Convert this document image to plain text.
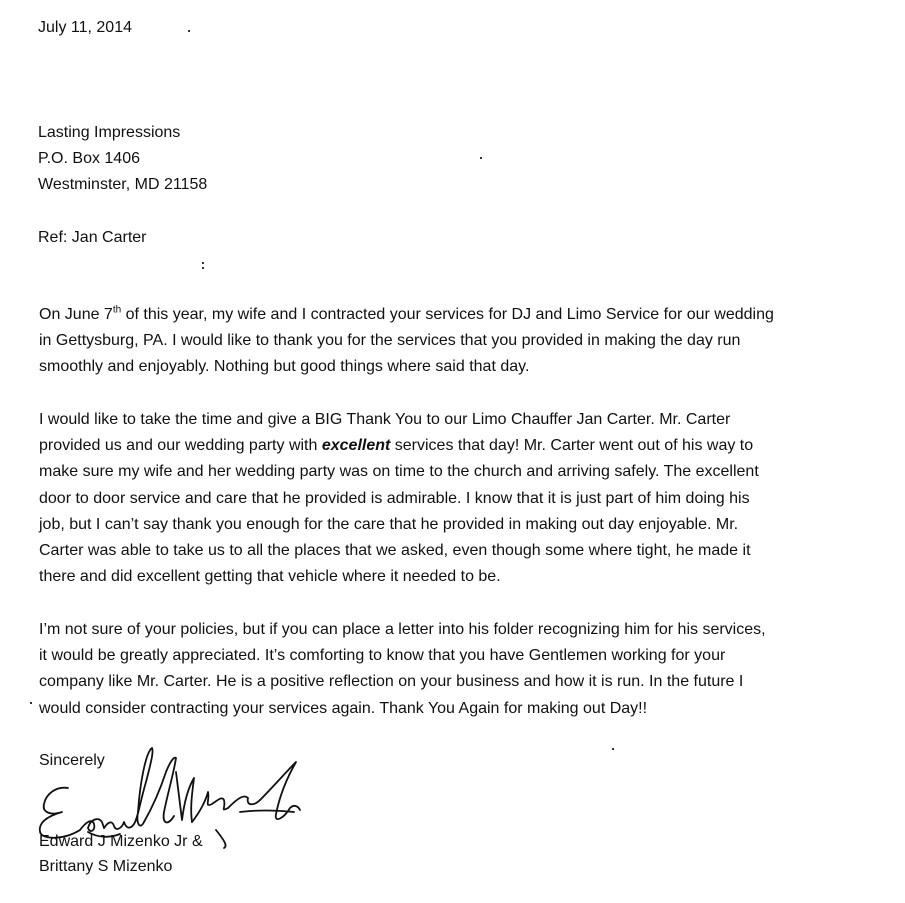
July 11, 2014
Lasting Impressions
P.O. Box 1406
Westminster, MD 21158
Ref: Jan Carter
On June 7th of this year, my wife and I contracted your services for DJ and Limo Service for our wedding
in Gettysburg, PA. I would like to thank you for the services that you provided in making the day run
smoothly and enjoyably. Nothing but good things where said that day.
I would like to take the time and give a BIG Thank You to our Limo Chauffer Jan Carter. Mr. Carter
provided us and our wedding party with excellent services that day! Mr. Carter went out of his way to
make sure my wife and her wedding party was on time to the church and arriving safely. The excellent
door to door service and care that he provided is admirable. I know that it is just part of him doing his
job, but I can’t say thank you enough for the care that he provided in making out day enjoyable. Mr.
Carter was able to take us to all the places that we asked, even though some where tight, he made it
there and did excellent getting that vehicle where it needed to be.
I’m not sure of your policies, but if you can place a letter into his folder recognizing him for his services,
it would be greatly appreciated. It’s comforting to know that you have Gentlemen working for your
company like Mr. Carter. He is a positive reflection on your business and how it is run. In the future I
would consider contracting your services again. Thank You Again for making out Day!!
Sincerely
Edward J Mizenko Jr &
Brittany S Mizenko
